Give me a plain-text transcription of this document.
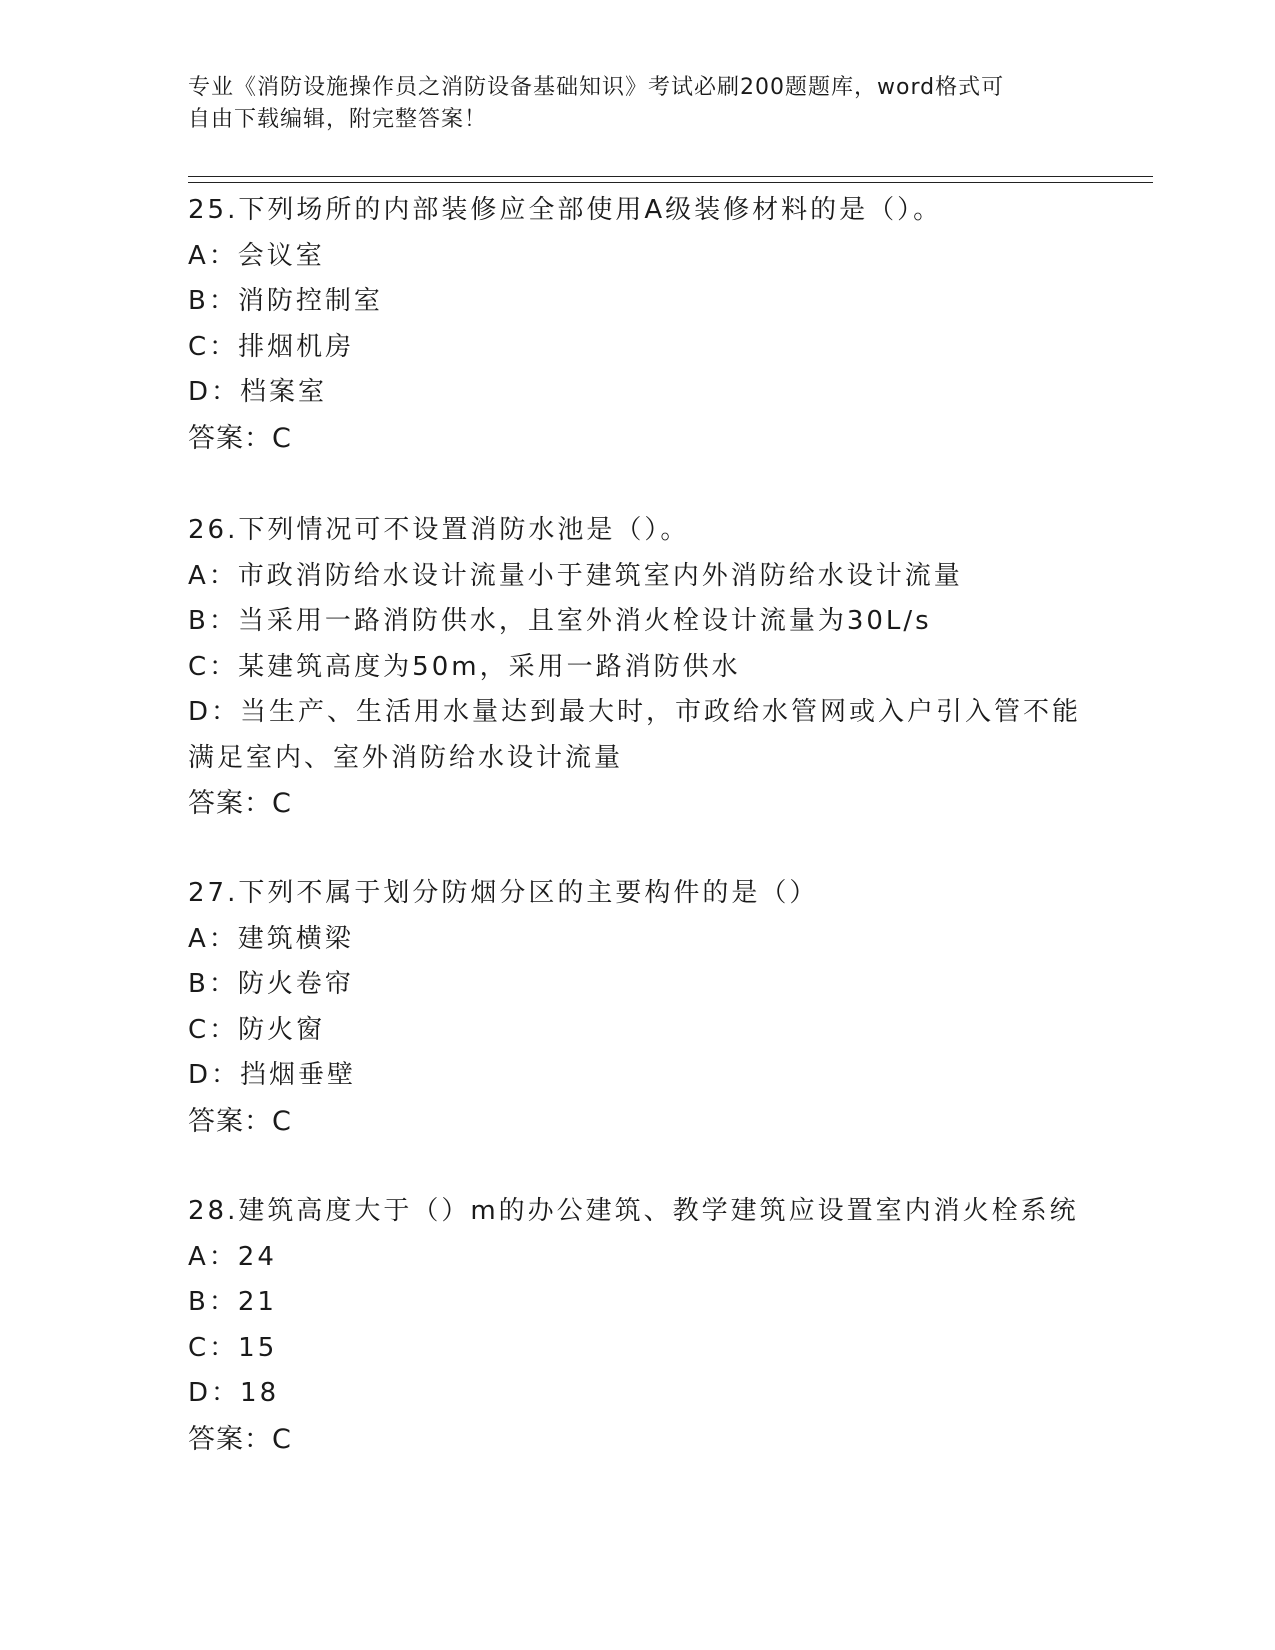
专业《消防设施操作员之消防设备基础知识》考试必刷200题题库，word格式可
自由下载编辑，附完整答案！
25.下列场所的内部装修应全部使用A级装修材料的是（）。
A：会议室
B：消防控制室
C：排烟机房
D：档案室
答案：C
26.下列情况可不设置消防水池是（）。
A：市政消防给水设计流量小于建筑室内外消防给水设计流量
B：当采用一路消防供水，且室外消火栓设计流量为30L/s
C：某建筑高度为50m，采用一路消防供水
D：当生产、生活用水量达到最大时，市政给水管网或入户引入管不能
满足室内、室外消防给水设计流量
答案：C
27.下列不属于划分防烟分区的主要构件的是（）
A：建筑横梁
B：防火卷帘
C：防火窗
D：挡烟垂壁
答案：C
28.建筑高度大于（）m的办公建筑、教学建筑应设置室内消火栓系统
A：24
B：21
C：15
D：18
答案：C
